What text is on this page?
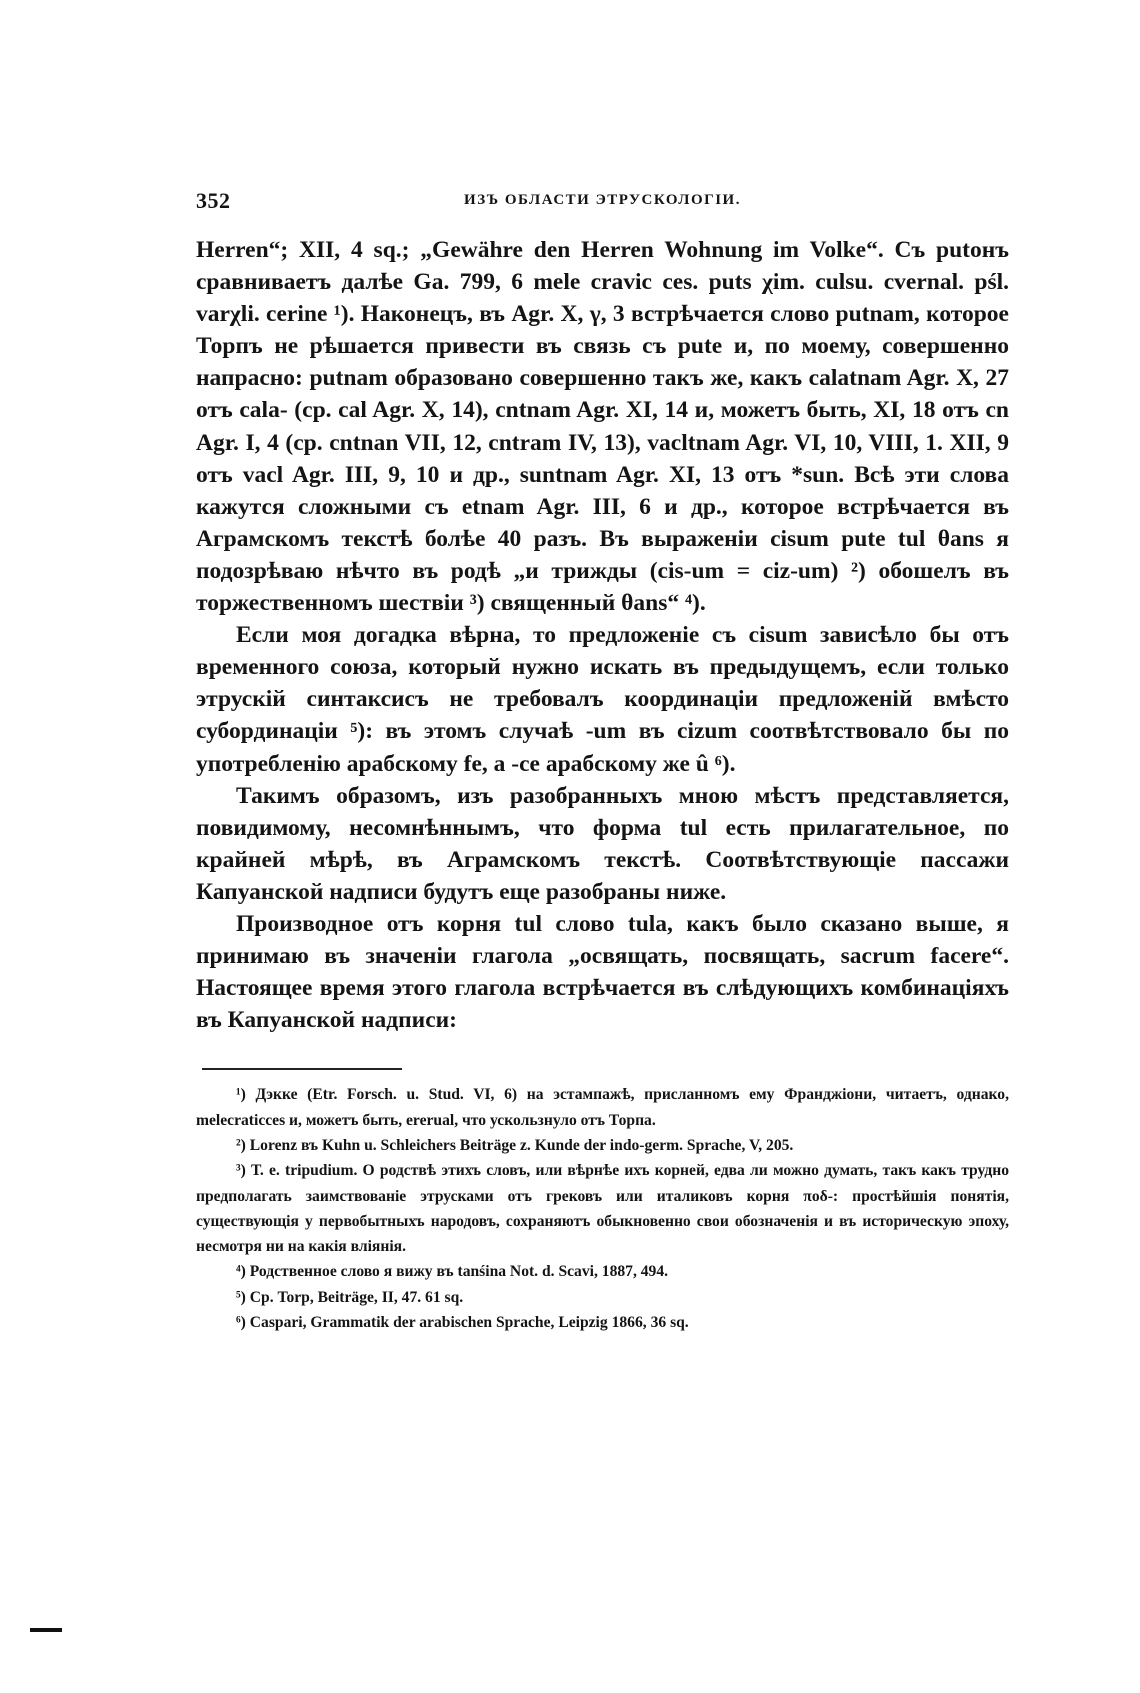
352	ИЗЪ ОБЛАСТИ ЭТРУСКОЛОГІИ.

Herren“; XII, 4 sq.; „Gewähre den Herren Wohnung im Volke“. Съ putонъ сравниваетъ далѣе Ga. 799, 6 mele cravic ces. puts χim. culsu. cvernal. pśl. varχli. cerine ¹). Наконецъ, въ Agr. X, γ, 3 встрѣчается слово putnam, которое Торпъ не рѣшается привести въ связь съ pute и, по моему, совершенно напрасно: putnam образовано совершенно такъ же, какъ calatnam Agr. X, 27 отъ cala- (ср. cal Agr. X, 14), cntnam Agr. XI, 14 и, можетъ быть, XI, 18 отъ cn Agr. I, 4 (ср. cntnan VII, 12, cntram IV, 13), vacltnam Agr. VI, 10, VIII, 1. XII, 9 отъ vacl Agr. III, 9, 10 и др., suntnam Agr. XI, 13 отъ *sun. Всѣ эти слова кажутся сложными съ etnam Agr. III, 6 и др., которое встрѣчается въ Аграмскомъ текстѣ болѣе 40 разъ. Въ выраженіи cisum pute tul θans я подозрѣваю нѣчто въ родѣ „и трижды (cis-um = ciz-um) ²) обошелъ въ торжественномъ шествіи ³) священный θans“ ⁴).

Если моя догадка вѣрна, то предложеніе съ cisum зависѣло бы отъ временного союза, который нужно искать въ предыдущемъ, если только этрускій синтаксисъ не требовалъ координаціи предложеній вмѣсто субординаціи ⁵): въ этомъ случаѣ -um въ cizum соотвѣтствовало бы по употребленію арабскому fe, а -ce арабскому же û ⁶).

Такимъ образомъ, изъ разобранныхъ мною мѣстъ представляется, повидимому, несомнѣннымъ, что форма tul есть прилагательное, по крайней мѣрѣ, въ Аграмскомъ текстѣ. Соотвѣтствующіе пассажи Капуанской надписи будутъ еще разобраны ниже.

Производное отъ корня tul слово tula, какъ было сказано выше, я принимаю въ значеніи глагола „освящать, посвящать, sacrum facere“. Настоящее время этого глагола встрѣчается въ слѣдующихъ комбинаціяхъ въ Капуанской надписи:

¹) Дэкке (Etr. Forsch. u. Stud. VI, 6) на эстампажѣ, присланномъ ему Франджіони, читаетъ, однако, melecraticces и, можетъ быть, ererual, что ускользнуло отъ Торпа.

²) Lorenz въ Kuhn u. Schleichers Beiträge z. Kunde der indo-germ. Sprache, V, 205.

³) Т. е. tripudium. О родствѣ этихъ словъ, или вѣрнѣе ихъ корней, едва ли можно думать, такъ какъ трудно предполагать заимствованіе этрусками отъ грековъ или италиковъ корня πoδ-: простѣйшія понятія, существующія у первобытныхъ народовъ, сохраняютъ обыкновенно свои обозначенія и въ историческую эпоху, несмотря ни на какія вліянія.

⁴) Родственное слово я вижу въ tanśina Not. d. Scavi, 1887, 494.

⁵) Ср. Torp, Beiträge, II, 47. 61 sq.

⁶) Caspari, Grammatik der arabischen Sprache, Leipzig 1866, 36 sq.
